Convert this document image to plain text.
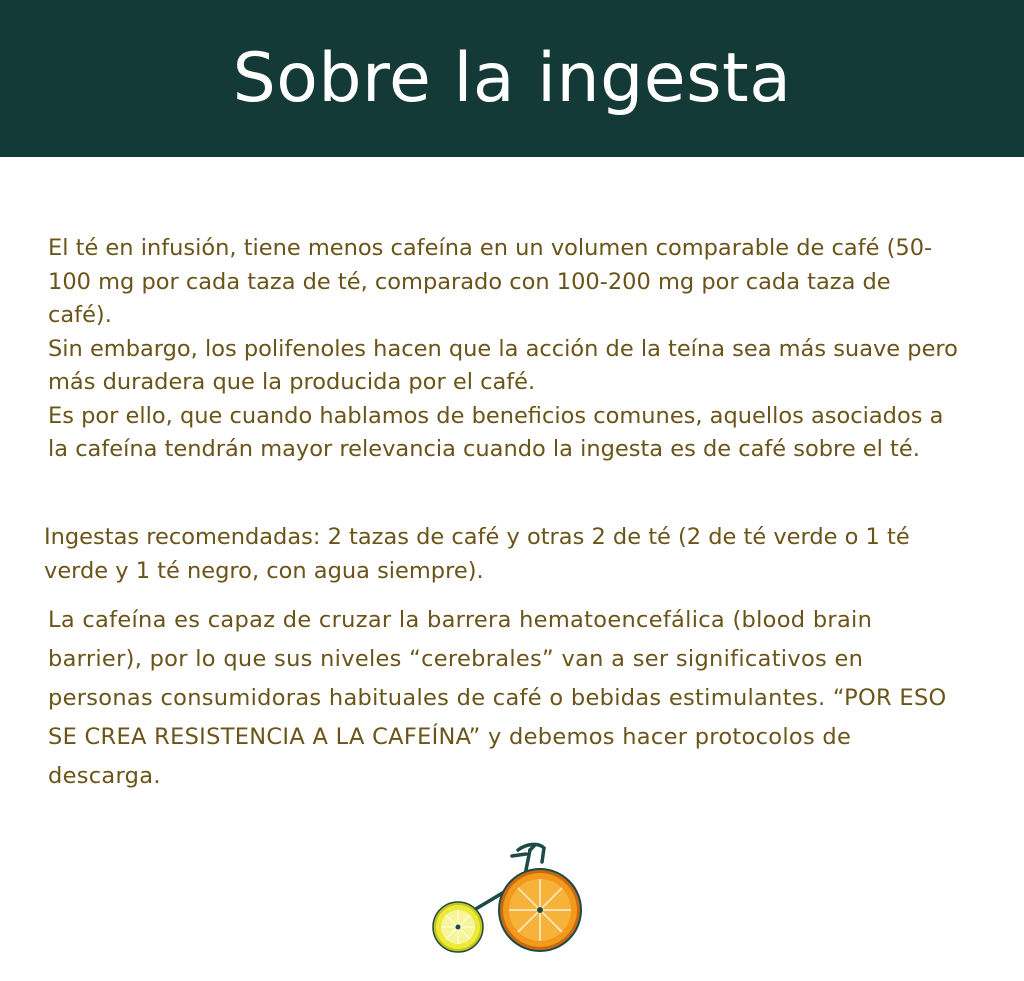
Sobre la ingesta

El té en infusión, tiene menos cafeína en un volumen comparable de café (50-100 mg por cada taza de té, comparado con 100-200 mg por cada taza de café).

Sin embargo, los polifenoles hacen que la acción de la teína sea más suave pero más duradera que la producida por el café.

Es por ello, que cuando hablamos de beneficios comunes, aquellos asociados a la cafeína tendrán mayor relevancia cuando la ingesta es de café sobre el té.

Ingestas recomendadas: 2 tazas de café y otras 2 de té (2 de té verde o 1 té verde y 1 té negro, con agua siempre).
La cafeína es capaz de cruzar la barrera hematoencefálica (blood brain barrier), por lo que sus niveles “cerebrales” van a ser significativos en personas consumidoras habituales de café o bebidas estimulantes. “POR ESO SE CREA RESISTENCIA A LA CAFEÍNA” y debemos hacer protocolos de descarga.
